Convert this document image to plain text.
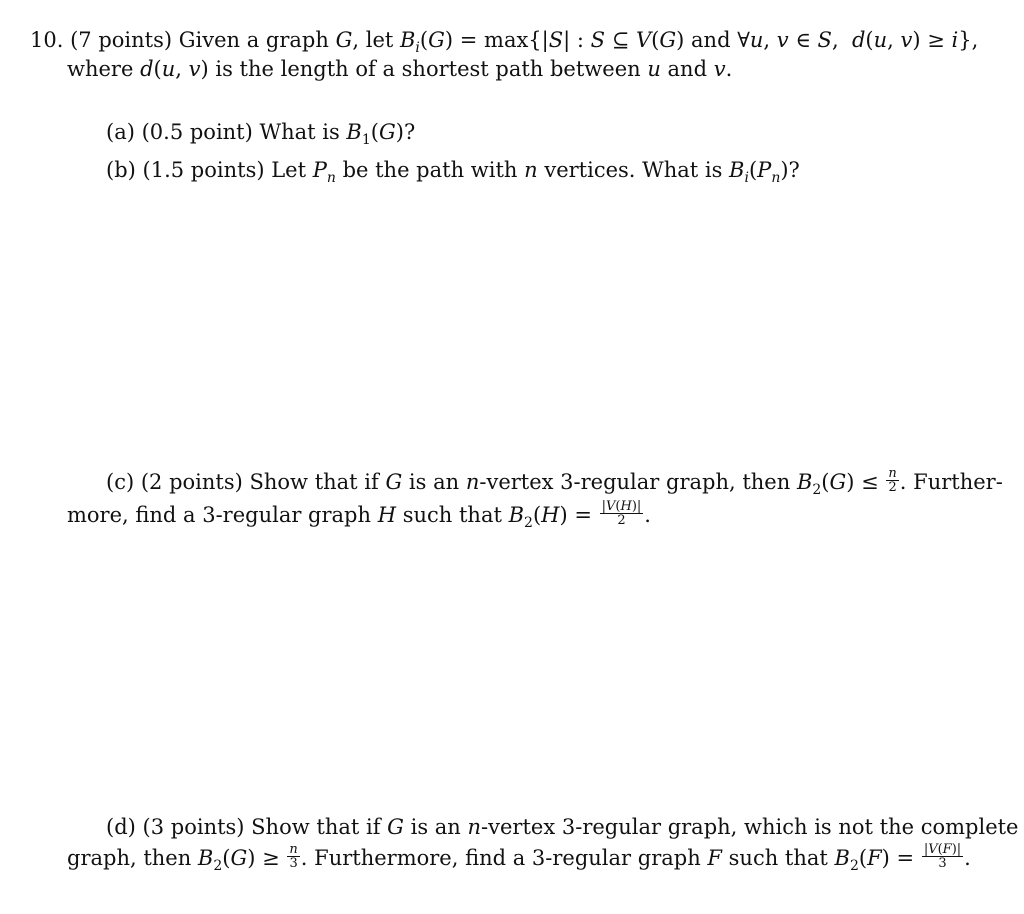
10. (7 points) Given a graph G, let $B_i(G) = \max\{|S|$ : S ⊆ V(G) and ∀u, v ∈ S,  d(u, v) ≥ i},
where d(u, v) is the length of a shortest path between u and v.
(a) (0.5 point) What is $B_1(G)$?
(b) (1.5 points) Let $P_n$ be the path with n vertices. What is $B_i(P_n)$?
(c) (2 points) Show that if G is an n-vertex 3-regular graph, then $B_2(G) \le \frac{n}{2}$ . Further-
more, find a 3-regular graph H such that $B_2(H) = \frac{|V(H)|}{2}$ .
(d) (3 points) Show that if G is an n-vertex 3-regular graph, which is not the complete
graph, then $B_2(G) \ge \frac{n}{3}$ . Furthermore, find a 3-regular graph F such that $B_2(F) = \frac{|V(F)|}{3}$ .
